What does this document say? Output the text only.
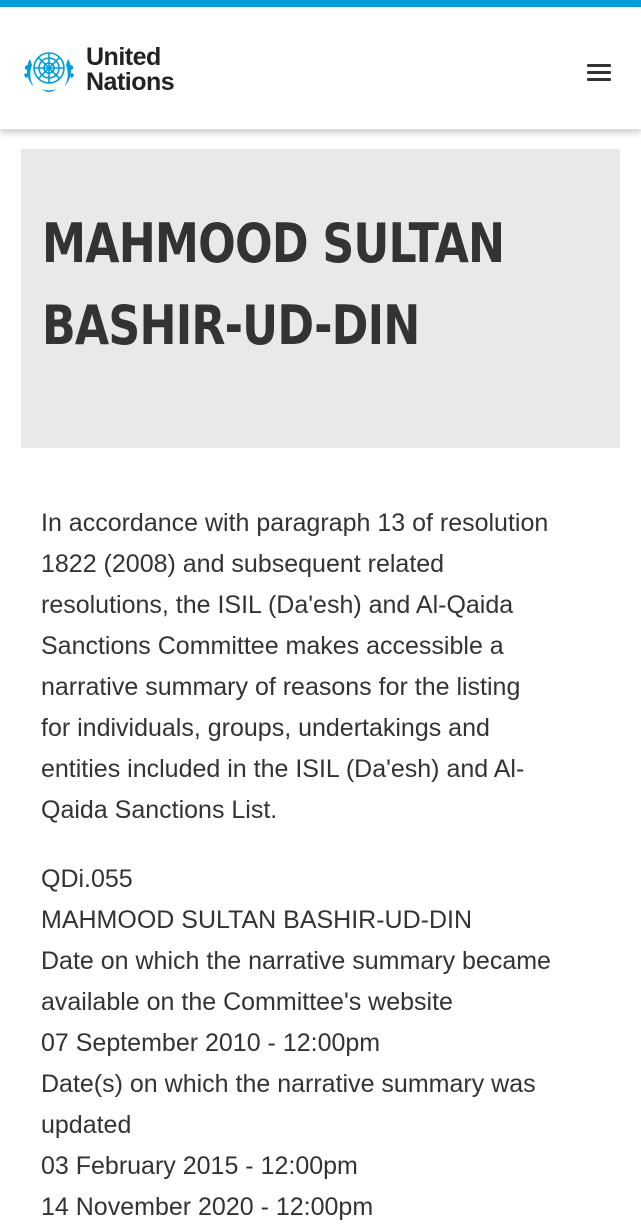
United
Nations
MAHMOOD SULTAN
BASHIR-UD-DIN

In accordance with paragraph 13 of resolution
1822 (2008) and subsequent related
resolutions, the ISIL (Da'esh) and Al-Qaida
Sanctions Committee makes accessible a
narrative summary of reasons for the listing
for individuals, groups, undertakings and
entities included in the ISIL (Da'esh) and Al-
Qaida Sanctions List.

QDi.055
MAHMOOD SULTAN BASHIR-UD-DIN
Date on which the narrative summary became
available on the Committee's website
07 September 2010 - 12:00pm
Date(s) on which the narrative summary was
updated
03 February 2015 - 12:00pm
14 November 2020 - 12:00pm
